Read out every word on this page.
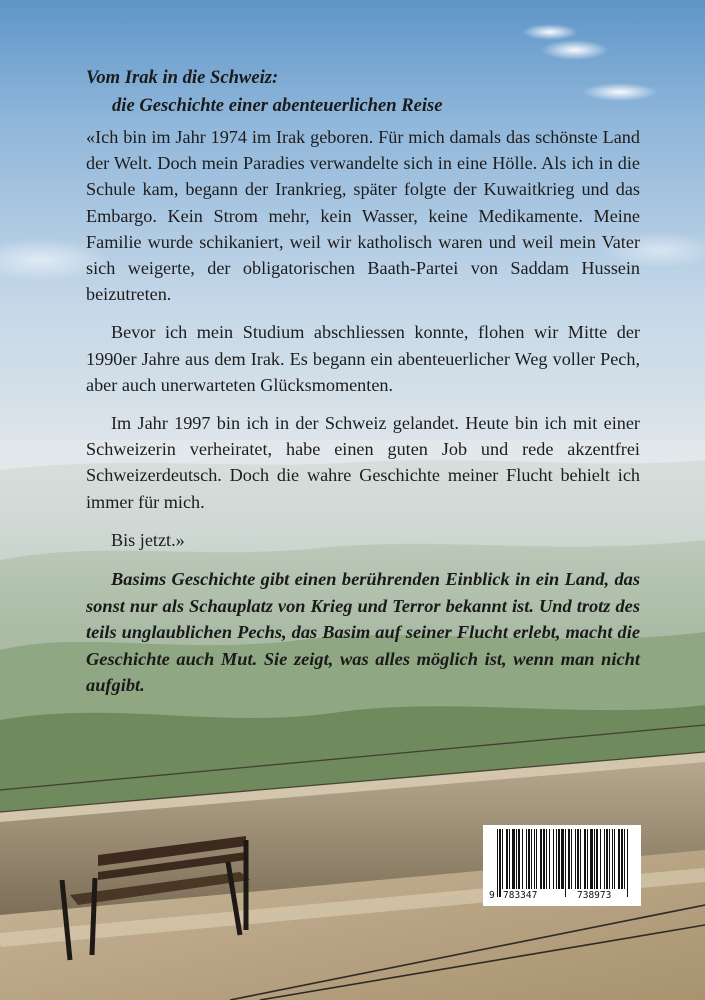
Vom Irak in die Schweiz:
die Geschichte einer abenteuerlichen Reise

«Ich bin im Jahr 1974 im Irak geboren. Für mich damals das schönste Land der Welt. Doch mein Paradies verwandelte sich in eine Hölle. Als ich in die Schule kam, begann der Irankrieg, später folgte der Kuwaitkrieg und das Embargo. Kein Strom mehr, kein Wasser, keine Medikamente. Meine Familie wurde schikaniert, weil wir katholisch waren und weil mein Vater sich weigerte, der obligatorischen Baath-Partei von Saddam Hussein beizutreten.

Bevor ich mein Studium abschliessen konnte, flohen wir Mitte der 1990er Jahre aus dem Irak. Es begann ein abenteuerlicher Weg voller Pech, aber auch unerwarteten Glücksmomenten.

Im Jahr 1997 bin ich in der Schweiz gelandet. Heute bin ich mit einer Schweizerin verheiratet, habe einen guten Job und rede akzentfrei Schweizerdeutsch. Doch die wahre Geschichte meiner Flucht behielt ich immer für mich.

Bis jetzt.»

Basims Geschichte gibt einen berührenden Einblick in ein Land, das sonst nur als Schauplatz von Krieg und Terror bekannt ist. Und trotz des teils unglaublichen Pechs, das Basim auf seiner Flucht erlebt, macht die Geschichte auch Mut. Sie zeigt, was alles möglich ist, wenn man nicht aufgibt.

9 783347	738973
